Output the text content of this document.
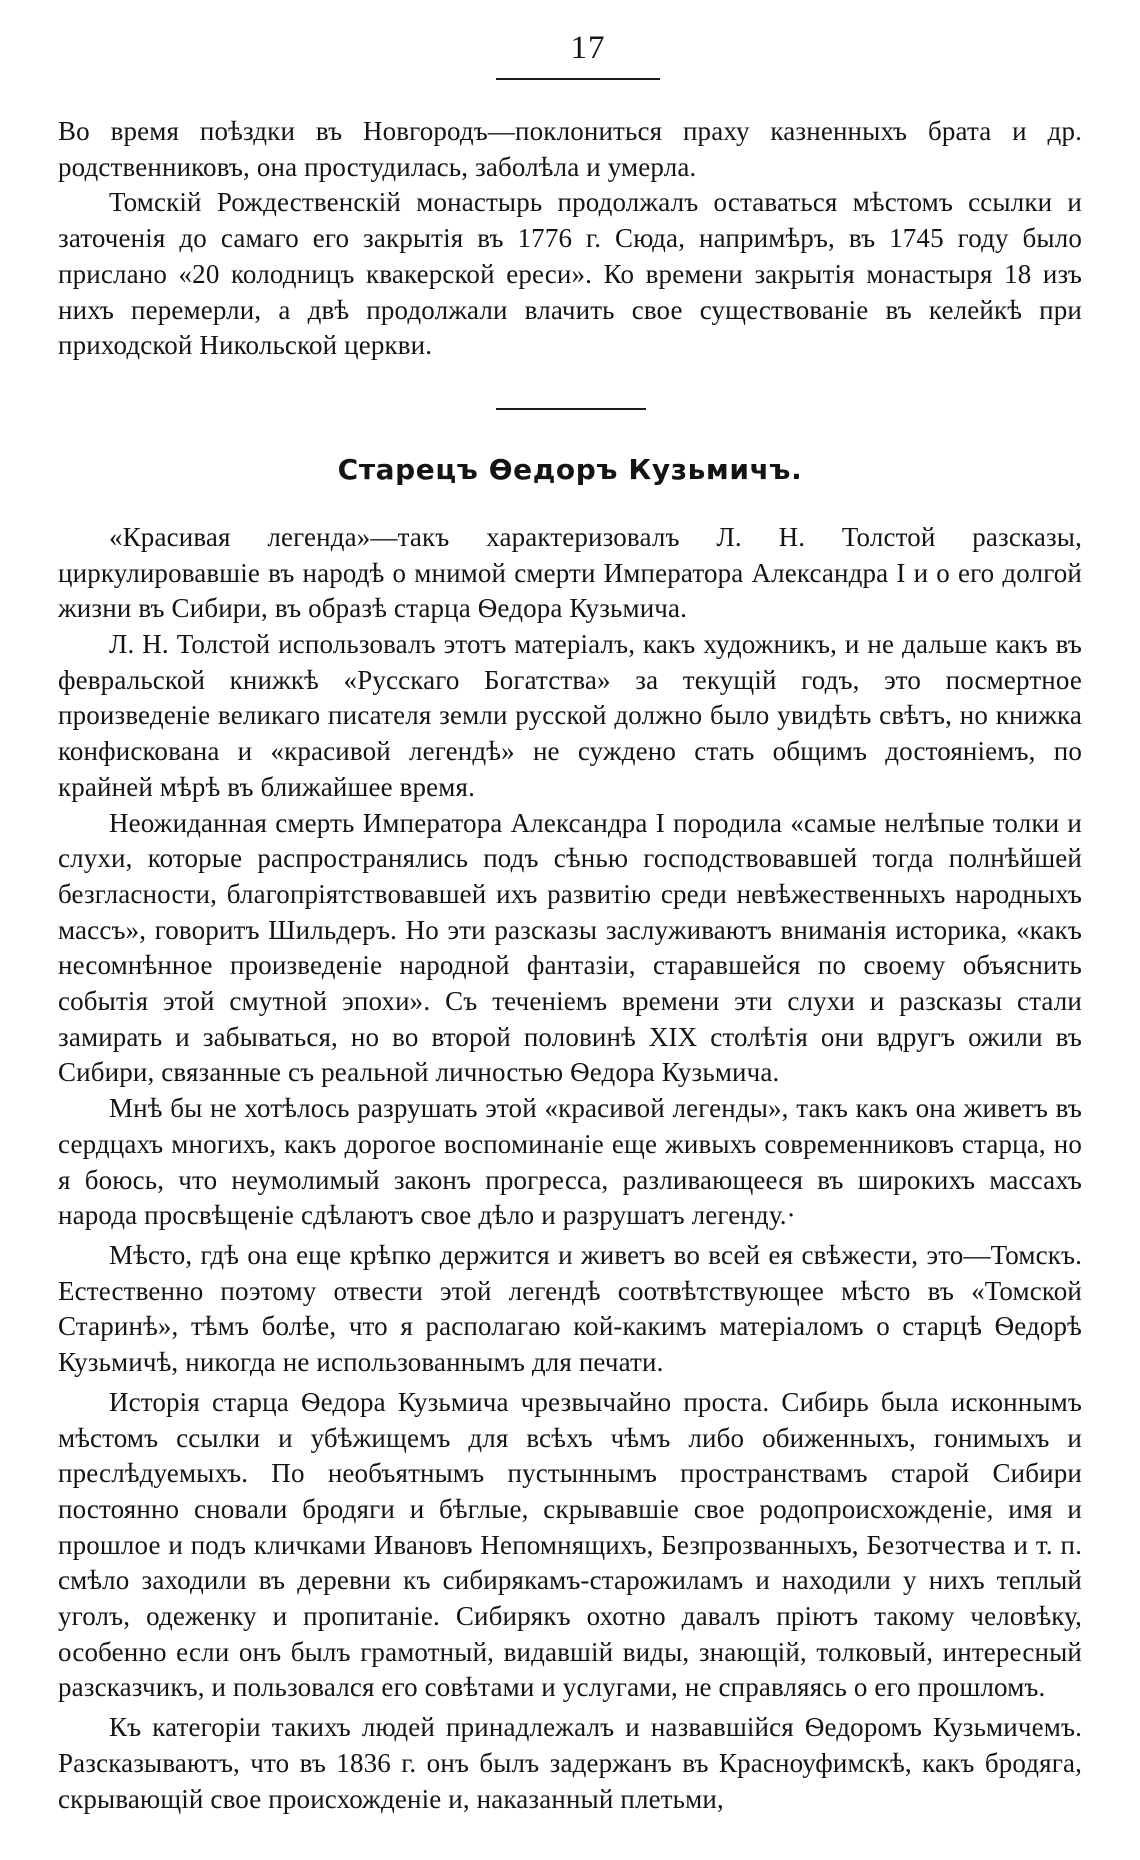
17

Во время поѣздки въ Новгородъ—поклониться праху казненныхъ брата и др. родственниковъ, она простудилась, заболѣла и умерла.

Томскій Рождественскій монастырь продолжалъ оставаться мѣстомъ ссылки и заточенія до самаго его закрытія въ 1776 г. Сюда, напримѣръ, въ 1745 году было прислано «20 колодницъ квакерской ереси». Ко времени закрытія монастыря 18 изъ нихъ перемерли, а двѣ продолжали влачить свое существованіе въ келейкѣ при приходской Никольской церкви.

Старецъ Ѳедоръ Кузьмичъ.

«Красивая легенда»—такъ характеризовалъ Л. Н. Толстой разсказы, циркулировавшіе въ народѣ о мнимой смерти Императора Александра I и о его долгой жизни въ Сибири, въ образѣ старца Ѳедора Кузьмича.

Л. Н. Толстой использовалъ этотъ матеріалъ, какъ художникъ, и не дальше какъ въ февральской книжкѣ «Русскаго Богатства» за текущій годъ, это посмертное произведеніе великаго писателя земли русской должно было увидѣть свѣтъ, но книжка конфискована и «красивой легендѣ» не суждено стать общимъ достояніемъ, по крайней мѣрѣ въ ближайшее время.

Неожиданная смерть Императора Александра I породила «самые нелѣпые толки и слухи, которые распространялись подъ сѣнью господствовавшей тогда полнѣйшей безгласности, благопріятствовавшей ихъ развитію среди невѣжественныхъ народныхъ массъ», говоритъ Шильдеръ. Но эти разсказы заслуживаютъ вниманія историка, «какъ несомнѣнное произведеніе народной фантазіи, старавшейся по своему объяснить событія этой смутной эпохи». Съ теченіемъ времени эти слухи и разсказы стали замирать и забываться, но во второй половинѣ XIX столѣтія они вдругъ ожили въ Сибири, связанные съ реальной личностью Ѳедора Кузьмича.

Мнѣ бы не хотѣлось разрушать этой «красивой легенды», такъ какъ она живетъ въ сердцахъ многихъ, какъ дорогое воспоминаніе еще живыхъ современниковъ старца, но я боюсь, что неумолимый законъ прогресса, разливающееся въ широкихъ массахъ народа просвѣщеніе сдѣлаютъ свое дѣло и разрушатъ легенду.·

Мѣсто, гдѣ она еще крѣпко держится и живетъ во всей ея свѣжести, это—Томскъ. Естественно поэтому отвести этой легендѣ соотвѣтствующее мѣсто въ «Томской Старинѣ», тѣмъ болѣе, что я располагаю кой-какимъ матеріаломъ о старцѣ Ѳедорѣ Кузьмичѣ, никогда не использованнымъ для печати.

Исторія старца Ѳедора Кузьмича чрезвычайно проста. Сибирь была исконнымъ мѣстомъ ссылки и убѣжищемъ для всѣхъ чѣмъ либо обиженныхъ, гонимыхъ и преслѣдуемыхъ. По необъятнымъ пустыннымъ пространствамъ старой Сибири постоянно сновали бродяги и бѣглые, скрывавшіе свое родопроисхожденіе, имя и прошлое и подъ кличками Ивановъ Непомнящихъ, Безпрозванныхъ, Безотчества и т. п. смѣло заходили въ деревни къ сибирякамъ-старожиламъ и находили у нихъ теплый уголъ, одеженку и пропитаніе. Сибирякъ охотно давалъ пріютъ такому человѣку, особенно если онъ былъ грамотный, видавшій виды, знающій, толковый, интересный разсказчикъ, и пользовался его совѣтами и услугами, не справляясь о его прошломъ.

Къ категоріи такихъ людей принадлежалъ и назвавшійся Ѳедоромъ Кузьмичемъ. Разсказываютъ, что въ 1836 г. онъ былъ задержанъ въ Красноуфимскѣ, какъ бродяга, скрывающій свое происхожденіе и, наказанный плетьми,
